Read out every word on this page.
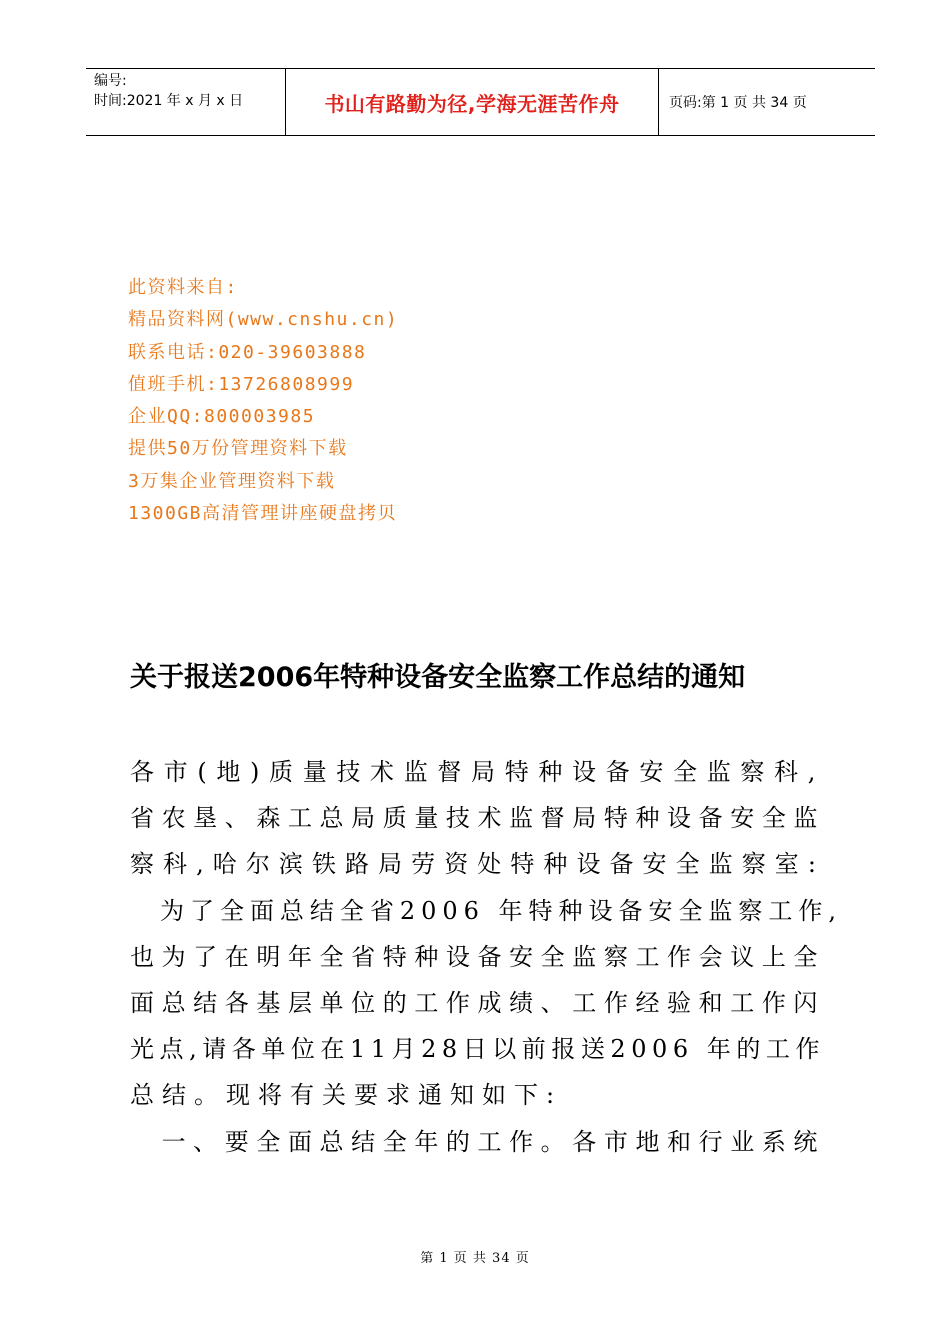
编号:
时间:2021 年 x 月 x 日	书山有路勤为径,学海无涯苦作舟	页码:第 1 页 共 34 页
此资料来自:
精品资料网(www.cnshu.cn)
联系电话:020-39603888
值班手机:13726808999
企业QQ:800003985
提供50万份管理资料下载
3万集企业管理资料下载
1300GB高清管理讲座硬盘拷贝
关于报送2006年特种设备安全监察工作总结的通知
各市(地)质量技术监督局特种设备安全监察科,
省农垦、森工总局质量技术监督局特种设备安全监
察科,哈尔滨铁路局劳资处特种设备安全监察室:
　为了全面总结全省2006 年特种设备安全监察工作,
也为了在明年全省特种设备安全监察工作会议上全
面总结各基层单位的工作成绩、工作经验和工作闪
光点,请各单位在11月28日以前报送2006 年的工作
总结。现将有关要求通知如下:
　一、要全面总结全年的工作。各市地和行业系统
第 1 页 共 34 页
